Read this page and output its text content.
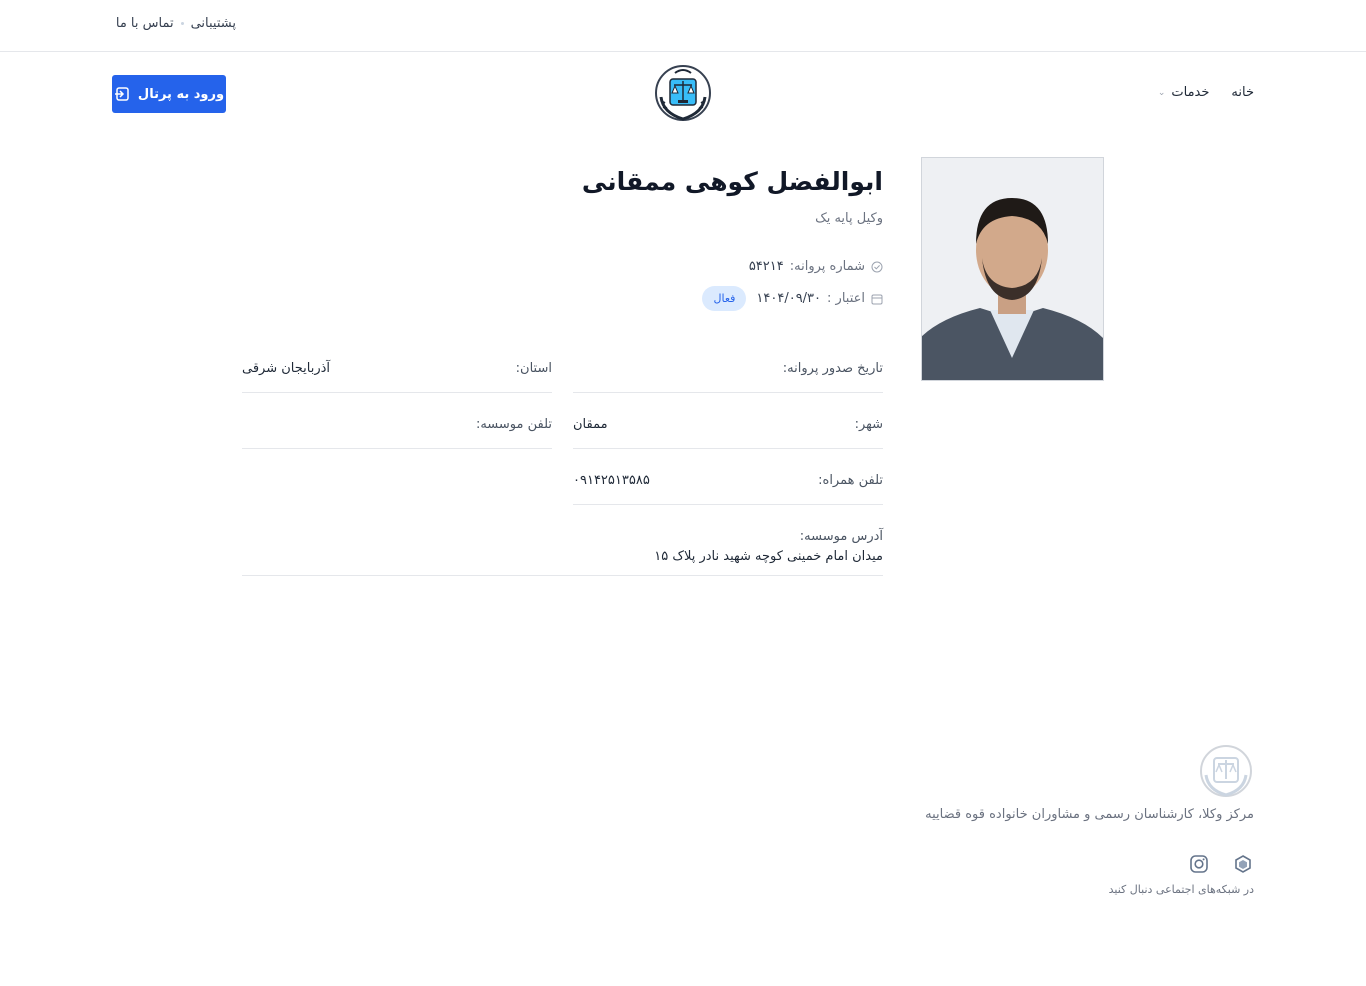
پشتیبانی
تماس با ما
خانه
خدمات
⌄
ورود به پرتال
ابوالفضل کوهی ممقانی
وکیل پایه یک
شماره پروانه:
۵۴۲۱۴
اعتبار :
۱۴۰۴/۰۹/۳۰
فعال
تاریخ صدور پروانه:
استان:
آذربایجان شرقی
شهر:
ممقان
تلفن موسسه:
تلفن همراه:
۰۹۱۴۲۵۱۳۵۸۵
آدرس موسسه:
میدان امام خمینی کوچه شهید نادر پلاک ۱۵
مرکز وکلا، کارشناسان رسمی و مشاوران خانواده قوه قضاییه
در شبکه‌های اجتماعی دنبال کنید
